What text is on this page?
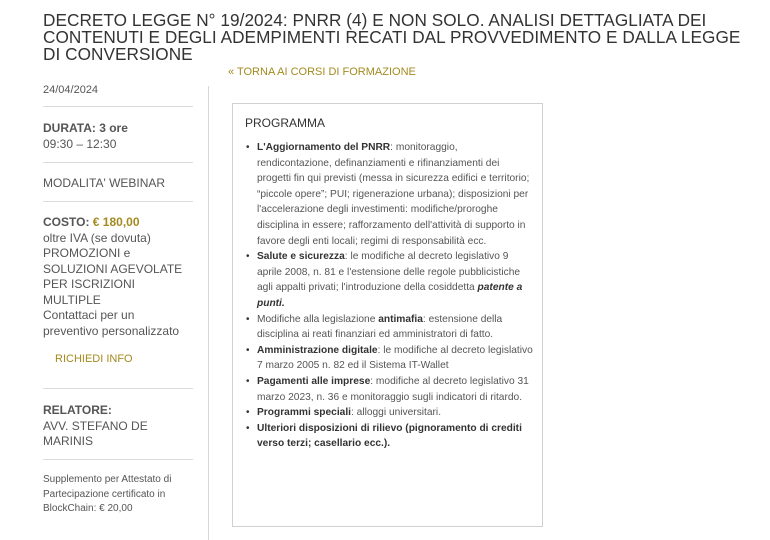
DECRETO LEGGE N° 19/2024: PNRR (4) E NON SOLO. ANALISI DETTAGLIATA DEI CONTENUTI E DEGLI ADEMPIMENTI RECATI DAL PROVVEDIMENTO E DALLA LEGGE DI CONVERSIONE
« TORNA AI CORSI DI FORMAZIONE
24/04/2024
DURATA: 3 ore
09:30 – 12:30
MODALITA' WEBINAR
COSTO: € 180,00
oltre IVA (se dovuta)
PROMOZIONI e
SOLUZIONI AGEVOLATE
PER ISCRIZIONI
MULTIPLE
Contattaci per un
preventivo personalizzato
RICHIEDI INFO
RELATORE:
AVV. STEFANO DE
MARINIS
Supplemento per Attestato di
Partecipazione certificato in
BlockChain: € 20,00
PROGRAMMA
• L'Aggiornamento del PNRR: monitoraggio, rendicontazione, definanziamenti e rifinanziamenti dei progetti fin qui previsti (messa in sicurezza edifici e territorio; “piccole opere”; PUI; rigenerazione urbana); disposizioni per l'accelerazione degli investimenti: modifiche/proroghe disciplina in essere; rafforzamento dell'attività di supporto in favore degli enti locali; regimi di responsabilità ecc.
• Salute e sicurezza: le modifiche al decreto legislativo 9 aprile 2008, n. 81 e l'estensione delle regole pubblicistiche agli appalti privati; l'introduzione della cosiddetta patente a punti.
• Modifiche alla legislazione antimafia: estensione della disciplina ai reati finanziari ed amministratori di fatto.
• Amministrazione digitale: le modifiche al decreto legislativo 7 marzo 2005 n. 82 ed il Sistema IT-Wallet
• Pagamenti alle imprese: modifiche al decreto legislativo 31 marzo 2023, n. 36 e monitoraggio sugli indicatori di ritardo.
• Programmi speciali: alloggi universitari.
• Ulteriori disposizioni di rilievo (pignoramento di crediti verso terzi; casellario ecc.).
